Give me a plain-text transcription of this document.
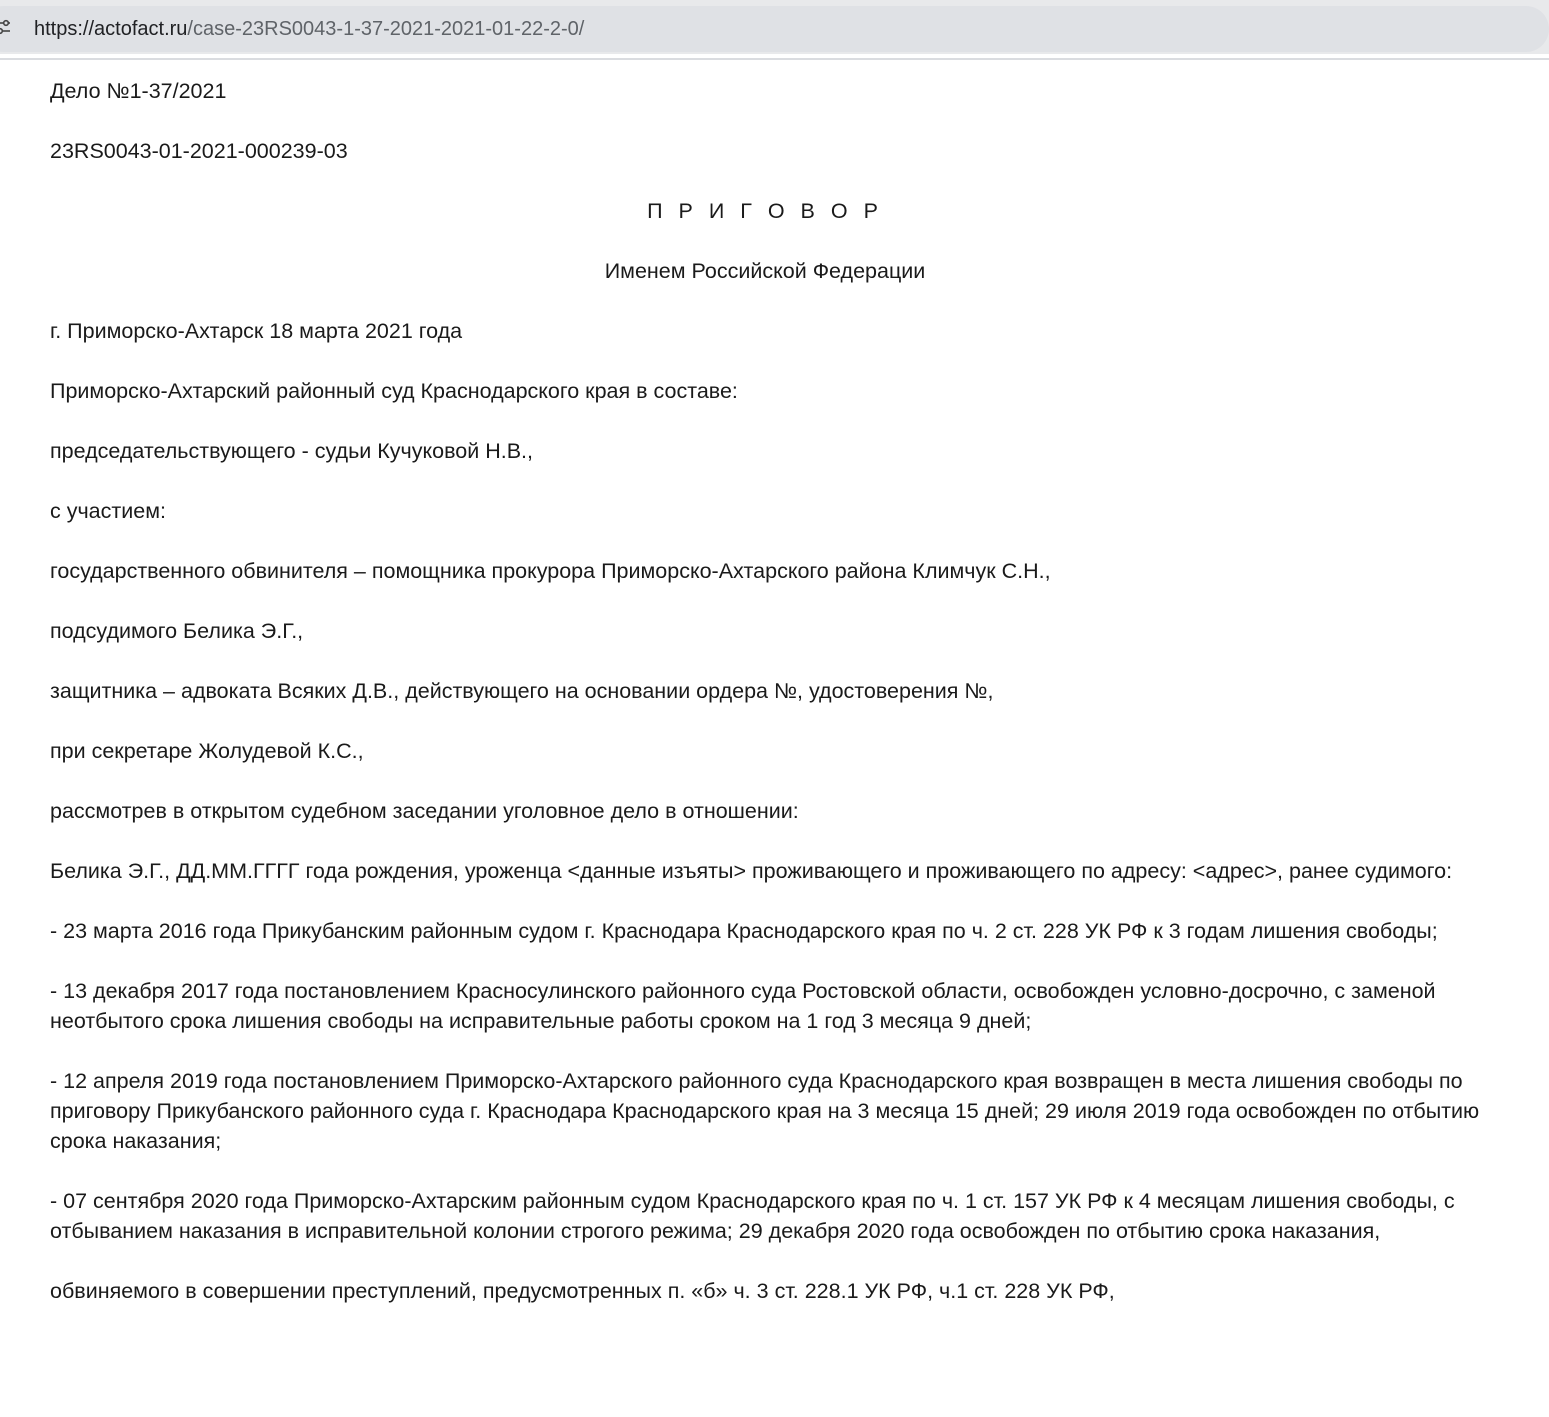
https://actofact.ru/case-23RS0043-1-37-2021-2021-01-22-2-0/

Дело №1-37/2021

23RS0043-01-2021-000239-03

П Р И Г О В О Р

Именем Российской Федерации

г. Приморско-Ахтарск 18 марта 2021 года

Приморско-Ахтарский районный суд Краснодарского края в составе:

председательствующего - судьи Кучуковой Н.В.,

с участием:

государственного обвинителя – помощника прокурора Приморско-Ахтарского района Климчук С.Н.,

подсудимого Белика Э.Г.,

защитника – адвоката Всяких Д.В., действующего на основании ордера №, удостоверения №,

при секретаре Жолудевой К.С.,

рассмотрев в открытом судебном заседании уголовное дело в отношении:

Белика Э.Г., ДД.ММ.ГГГГ года рождения, уроженца <данные изъяты> проживающего и проживающего по адресу: <адрес>, ранее судимого:

- 23 марта 2016 года Прикубанским районным судом г. Краснодара Краснодарского края по ч. 2 ст. 228 УК РФ к 3 годам лишения свободы;

- 13 декабря 2017 года постановлением Красносулинского районного суда Ростовской области, освобожден условно-досрочно, с заменой неотбытого срока лишения свободы на исправительные работы сроком на 1 год 3 месяца 9 дней;

- 12 апреля 2019 года постановлением Приморско-Ахтарского районного суда Краснодарского края возвращен в места лишения свободы по приговору Прикубанского районного суда г. Краснодара Краснодарского края на 3 месяца 15 дней; 29 июля 2019 года освобожден по отбытию срока наказания;

- 07 сентября 2020 года Приморско-Ахтарским районным судом Краснодарского края по ч. 1 ст. 157 УК РФ к 4 месяцам лишения свободы, с отбыванием наказания в исправительной колонии строгого режима; 29 декабря 2020 года освобожден по отбытию срока наказания,

обвиняемого в совершении преступлений, предусмотренных п. «б» ч. 3 ст. 228.1 УК РФ, ч.1 ст. 228 УК РФ,
